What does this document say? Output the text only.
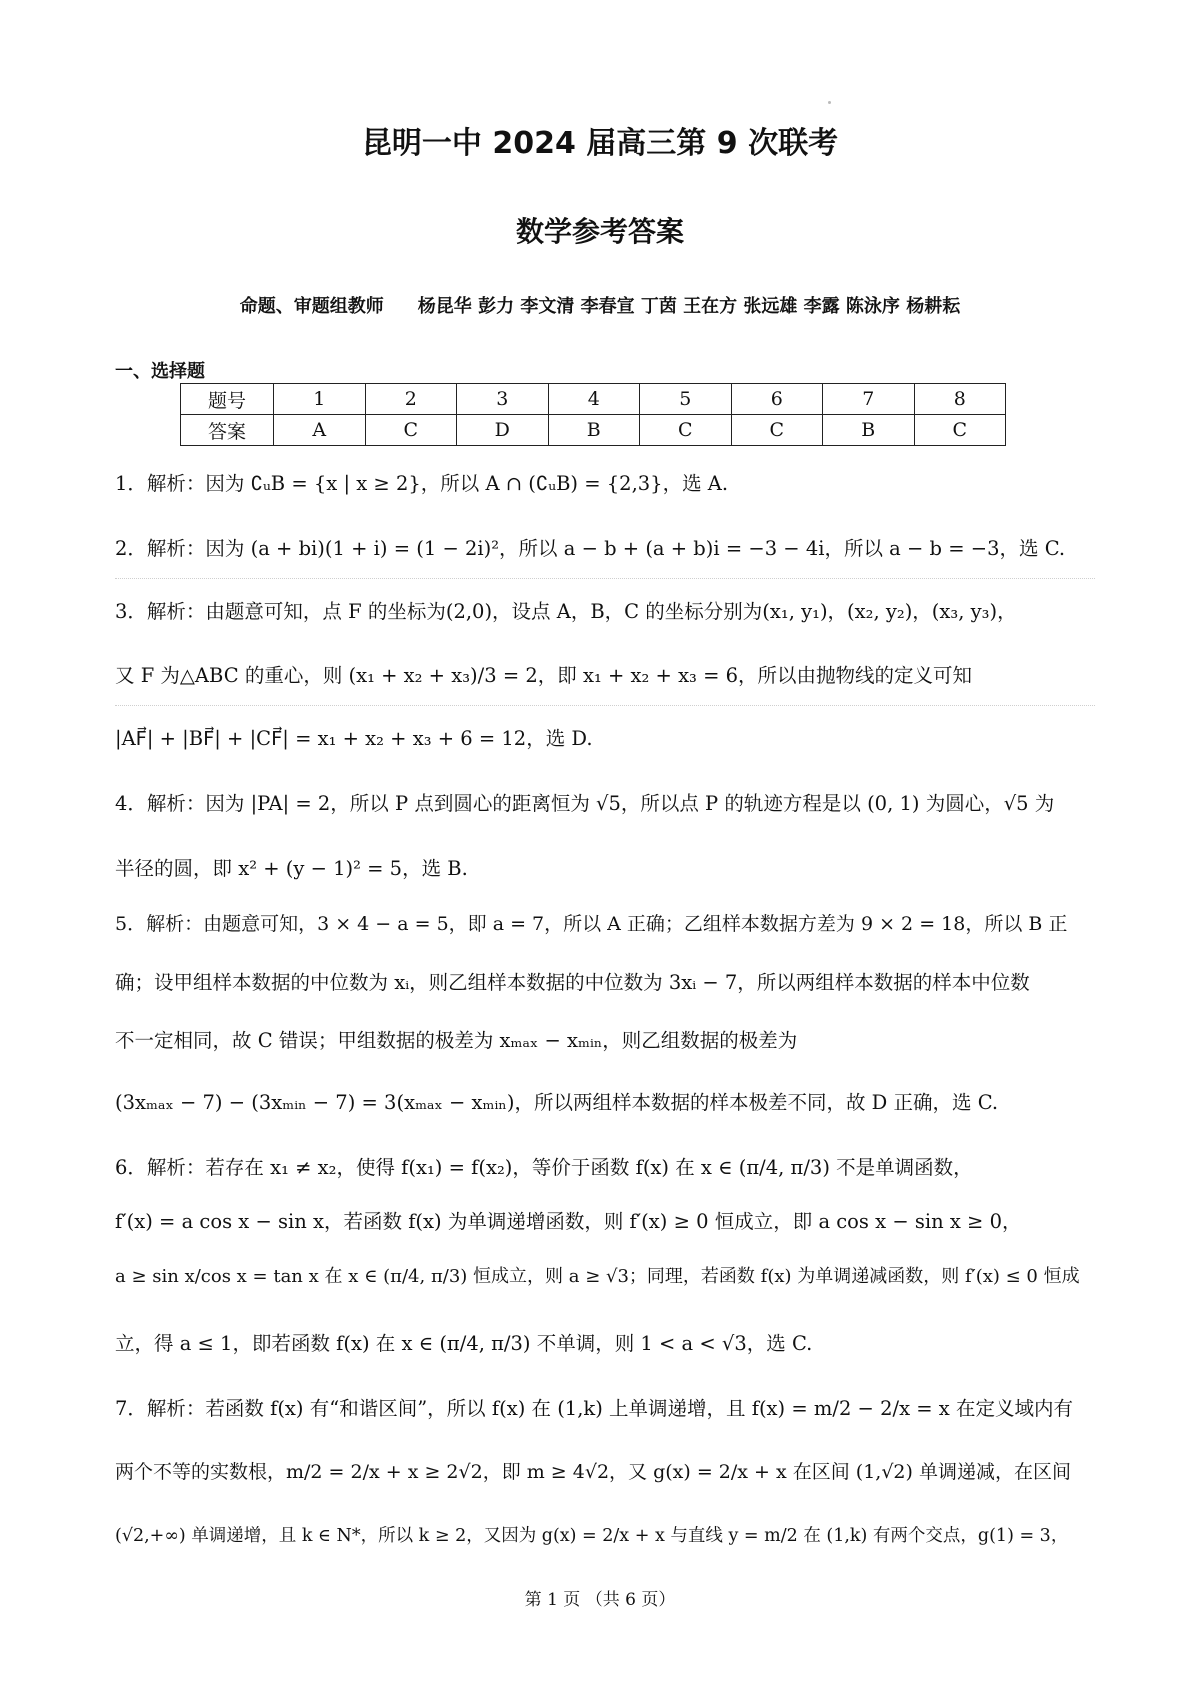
昆明一中 2024 届高三第 9 次联考
数学参考答案
命题、审题组教师 杨昆华 彭力 李文清 李春宣 丁茵 王在方 张远雄 李露 陈泳序 杨耕耘
一、选择题
题号	1	2	3	4	5	6	7	8
答案	A	C	D	B	C	C	B	C
1．解析：因为 ∁ᵤB = {x | x ≥ 2}，所以 A ∩ (∁ᵤB) = {2,3}，选 A.
2．解析：因为 (a + bi)(1 + i) = (1 − 2i)²，所以 a − b + (a + b)i = −3 − 4i，所以 a − b = −3，选 C.
3．解析：由题意可知，点 F 的坐标为(2,0)，设点 A，B，C 的坐标分别为(x₁, y₁)，(x₂, y₂)，(x₃, y₃)，
又 F 为△ABC 的重心，则 (x₁ + x₂ + x₃)/3 = 2，即 x₁ + x₂ + x₃ = 6，所以由抛物线的定义可知
|AF⃗| + |BF⃗| + |CF⃗| = x₁ + x₂ + x₃ + 6 = 12，选 D.
4．解析：因为 |PA| = 2，所以 P 点到圆心的距离恒为 √5，所以点 P 的轨迹方程是以 (0, 1) 为圆心，√5 为
半径的圆，即 x² + (y − 1)² = 5，选 B.
5．解析：由题意可知，3 × 4 − a = 5，即 a = 7，所以 A 正确；乙组样本数据方差为 9 × 2 = 18，所以 B 正
确；设甲组样本数据的中位数为 xᵢ，则乙组样本数据的中位数为 3xᵢ − 7，所以两组样本数据的样本中位数
不一定相同，故 C 错误；甲组数据的极差为 xₘₐₓ − xₘᵢₙ，则乙组数据的极差为
(3xₘₐₓ − 7) − (3xₘᵢₙ − 7) = 3(xₘₐₓ − xₘᵢₙ)，所以两组样本数据的样本极差不同，故 D 正确，选 C.
6．解析：若存在 x₁ ≠ x₂，使得 f(x₁) = f(x₂)，等价于函数 f(x) 在 x ∈ (π/4, π/3) 不是单调函数，
f′(x) = a cos x − sin x，若函数 f(x) 为单调递增函数，则 f′(x) ≥ 0 恒成立，即 a cos x − sin x ≥ 0，
a ≥ sin x/cos x = tan x 在 x ∈ (π/4, π/3) 恒成立，则 a ≥ √3；同理，若函数 f(x) 为单调递减函数，则 f′(x) ≤ 0 恒成
立，得 a ≤ 1，即若函数 f(x) 在 x ∈ (π/4, π/3) 不单调，则 1 < a < √3，选 C.
7．解析：若函数 f(x) 有“和谐区间”，所以 f(x) 在 (1,k) 上单调递增，且 f(x) = m/2 − 2/x = x 在定义域内有
两个不等的实数根，m/2 = 2/x + x ≥ 2√2，即 m ≥ 4√2，又 g(x) = 2/x + x 在区间 (1,√2) 单调递减，在区间
(√2,+∞) 单调递增，且 k ∈ N*，所以 k ≥ 2，又因为 g(x) = 2/x + x 与直线 y = m/2 在 (1,k) 有两个交点，g(1) = 3，
第 1 页 （共 6 页）
